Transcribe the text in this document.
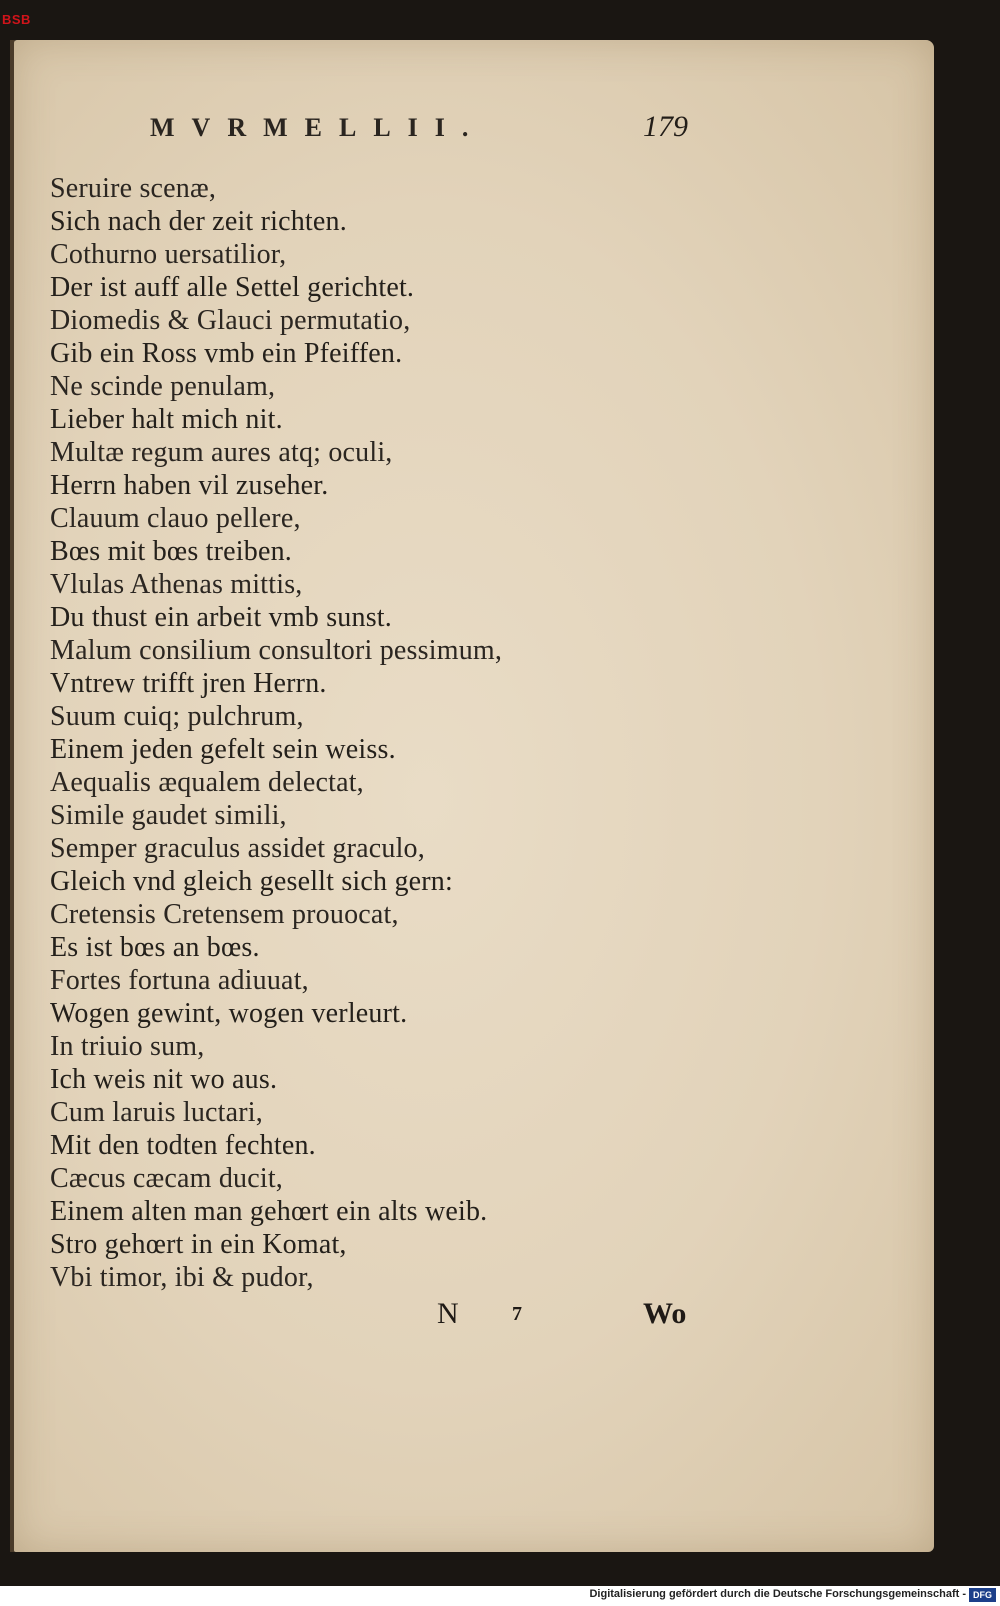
BSB
MVRMELLII.	179
Seruire scenæ,
Sich nach der zeit richten.
Cothurno uersatilior,
Der ist auff alle Settel gerichtet.
Diomedis & Glauci permutatio,
Gib ein Ross vmb ein Pfeiffen.
Ne scinde penulam,
Lieber halt mich nit.
Multæ regum aures atq; oculi,
Herrn haben vil zuseher.
Clauum clauo pellere,
Bœs mit bœs treiben.
Vlulas Athenas mittis,
Du thust ein arbeit vmb sunst.
Malum consilium consultori pessimum,
Vntrew trifft jren Herrn.
Suum cuiq; pulchrum,
Einem jeden gefelt sein weiss.
Aequalis æqualem delectat,
Simile gaudet simili,
Semper graculus assidet graculo,
Gleich vnd gleich gesellt sich gern:
Cretensis Cretensem prouocat,
Es ist bœs an bœs.
Fortes fortuna adiuuat,
Wogen gewint, wogen verleurt.
In triuio sum,
Ich weis nit wo aus.
Cum laruis luctari,
Mit den todten fechten.
Cæcus cæcam ducit,
Einem alten man gehœrt ein alts weib.
Stro gehœrt in ein Komat,
Vbi timor, ibi & pudor,
N	7	Wo
Digitalisierung gefördert durch die Deutsche Forschungsgemeinschaft - DFG
